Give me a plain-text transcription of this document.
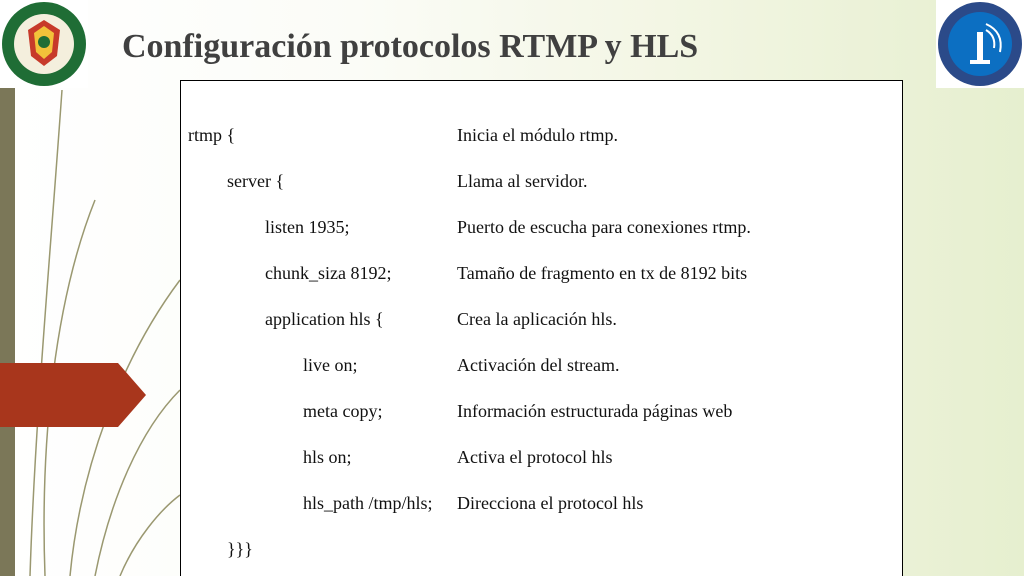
Configuración protocolos RTMP y HLS
rtmp {	Inicia el módulo rtmp.
server {	Llama al servidor.
listen 1935;	Puerto de escucha para conexiones rtmp.
chunk_siza 8192;	Tamaño de fragmento en tx de 8192 bits
application hls {	Crea la aplicación hls.
live on;	Activación del stream.
meta copy;	Información estructurada páginas web
hls on;	Activa el protocol hls
hls_path /tmp/hls; Direcciona el protocol hls
}}}
